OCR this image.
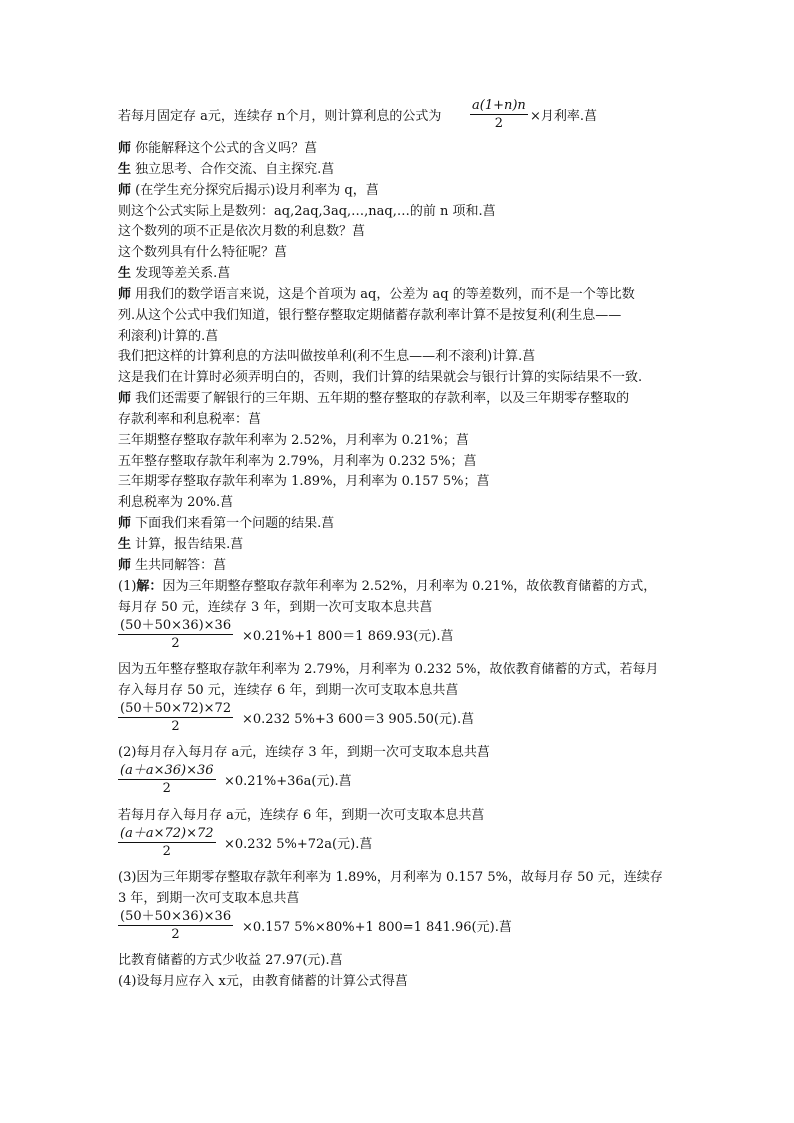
若每月固定存 a元，连续存 n个月，则计算利息的公式为 $\frac{a(1+n)n}{2}$ ×月利率.菖
师 你能解释这个公式的含义吗？菖
生 独立思考、合作交流、自主探究.菖
师 (在学生充分探究后揭示)设月利率为 q，菖
则这个公式实际上是数列：aq,2aq,3aq,…,naq,…的前 n 项和.菖
这个数列的项不正是依次月数的利息数？菖
这个数列具有什么特征呢？菖
生 发现等差关系.菖
师 用我们的数学语言来说，这是个首项为 aq，公差为 aq 的等差数列，而不是一个等比数
列.从这个公式中我们知道，银行整存整取定期储蓄存款利率计算不是按复利(利生息——
利滚利)计算的.菖
我们把这样的计算利息的方法叫做按单利(利不生息——利不滚利)计算.菖
这是我们在计算时必须弄明白的，否则，我们计算的结果就会与银行计算的实际结果不一致.
师 我们还需要了解银行的三年期、五年期的整存整取的存款利率，以及三年期零存整取的
存款利率和利息税率：菖
三年期整存整取存款年利率为 2.52%，月利率为 0.21%；菖
五年整存整取存款年利率为 2.79%，月利率为 0.232 5%；菖
三年期零存整取存款年利率为 1.89%，月利率为 0.157 5%；菖
利息税率为 20%.菖
师 下面我们来看第一个问题的结果.菖
生 计算，报告结果.菖
师 生共同解答：菖
(1)解：因为三年期整存整取存款年利率为 2.52%，月利率为 0.21%，故依教育储蓄的方式，
每月存 50 元，连续存 3 年，到期一次可支取本息共菖
$\frac{(50+50\times 36)\times 36}{2} \times 0.21\%+1$ 800＝1 869.93(元).菖
因为五年整存整取存款年利率为 2.79%，月利率为 0.232 5%，故依教育储蓄的方式，若每月
存入每月存 50 元，连续存 6 年，到期一次可支取本息共菖
$\frac{(50+50\times 72)\times 72}{2} \times 0.232$ 5%+3 600＝3 905.50(元).菖
(2)每月存入每月存 a元，连续存 3 年，到期一次可支取本息共菖
$\frac{(a+a\times 36)\times 36}{2} \times 0.21\%+36a$(元).菖
若每月存入每月存 a元，连续存 6 年，到期一次可支取本息共菖
$\frac{(a+a\times 72)\times 72}{2} \times 0.232$ 5%+72a(元).菖
(3)因为三年期零存整取存款年利率为 1.89%，月利率为 0.157 5%，故每月存 50 元，连续存
3 年，到期一次可支取本息共菖
$\frac{(50+50\times 36)\times 36}{2} \times 0.157$ 5%×80%+1 800=1 841.96(元).菖
比教育储蓄的方式少收益 27.97(元).菖
(4)设每月应存入 x元，由教育储蓄的计算公式得菖
